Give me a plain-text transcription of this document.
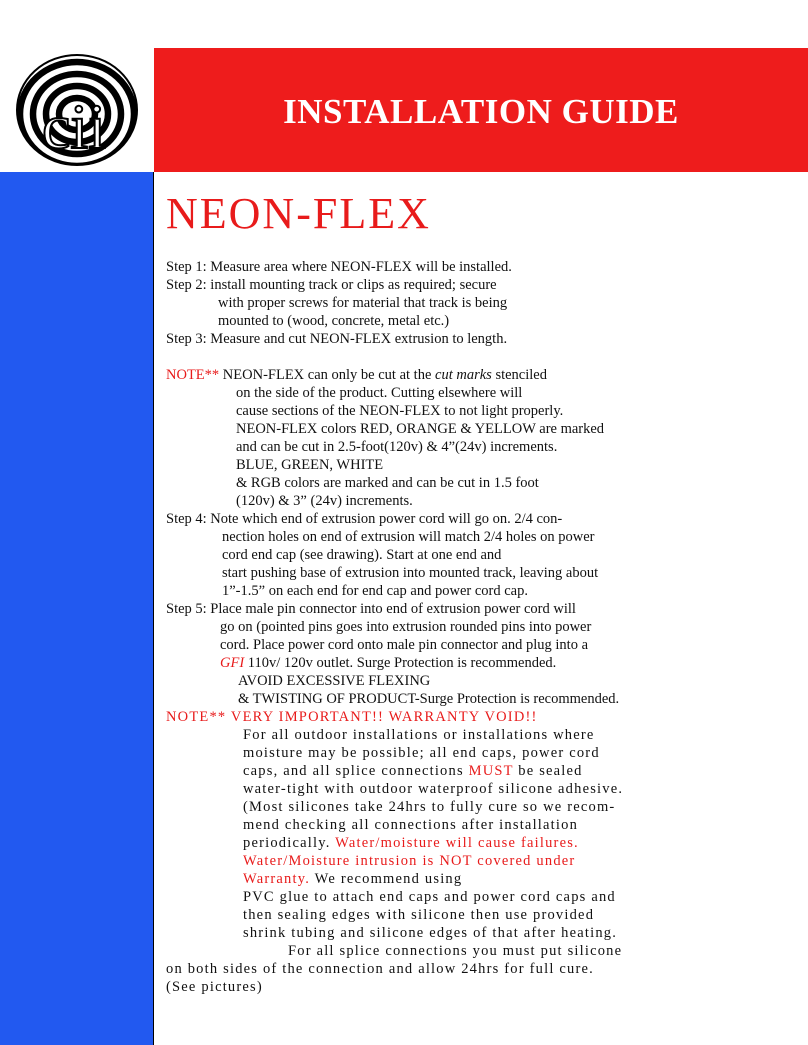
cii	INSTALLATION GUIDE
NEON-FLEX
Step 1: Measure area where NEON-FLEX will be installed.
Step 2: install mounting track or clips as required; secure
with proper screws for material that track is being
mounted to (wood, concrete, metal etc.)
Step 3: Measure and cut NEON-FLEX extrusion to length.
NOTE** NEON-FLEX can only be cut at the cut marks stenciled
on the side of the product. Cutting elsewhere will
cause sections of the NEON-FLEX to not light properly.
NEON-FLEX colors RED, ORANGE & YELLOW are marked
and can be cut in 2.5-foot(120v) & 4”(24v) increments.
BLUE, GREEN, WHITE
& RGB colors are marked and can be cut in 1.5 foot
(120v) & 3” (24v) increments.
Step 4: Note which end of extrusion power cord will go on. 2/4 con-
nection holes on end of extrusion will match 2/4 holes on power
cord end cap (see drawing). Start at one end and
start pushing base of extrusion into mounted track, leaving about
1”-1.5” on each end for end cap and power cord cap.
Step 5: Place male pin connector into end of extrusion power cord will
go on (pointed pins goes into extrusion rounded pins into power
cord. Place power cord onto male pin connector and plug into a
GFI 110v/ 120v outlet. Surge Protection is recommended.
AVOID EXCESSIVE FLEXING
& TWISTING OF PRODUCT-Surge Protection is recommended.
NOTE** VERY IMPORTANT!! WARRANTY VOID!!
For all outdoor installations or installations where
moisture may be possible; all end caps, power cord
caps, and all splice connections MUST be sealed
water-tight with outdoor waterproof silicone adhesive.
(Most silicones take 24hrs to fully cure so we recom-
mend checking all connections after installation
periodically. Water/moisture will cause failures.
Water/Moisture intrusion is NOT covered under
Warranty. We recommend using
PVC glue to attach end caps and power cord caps and
then sealing edges with silicone then use provided
shrink tubing and silicone edges of that after heating.
For all splice connections you must put silicone
on both sides of the connection and allow 24hrs for full cure.
(See pictures)
